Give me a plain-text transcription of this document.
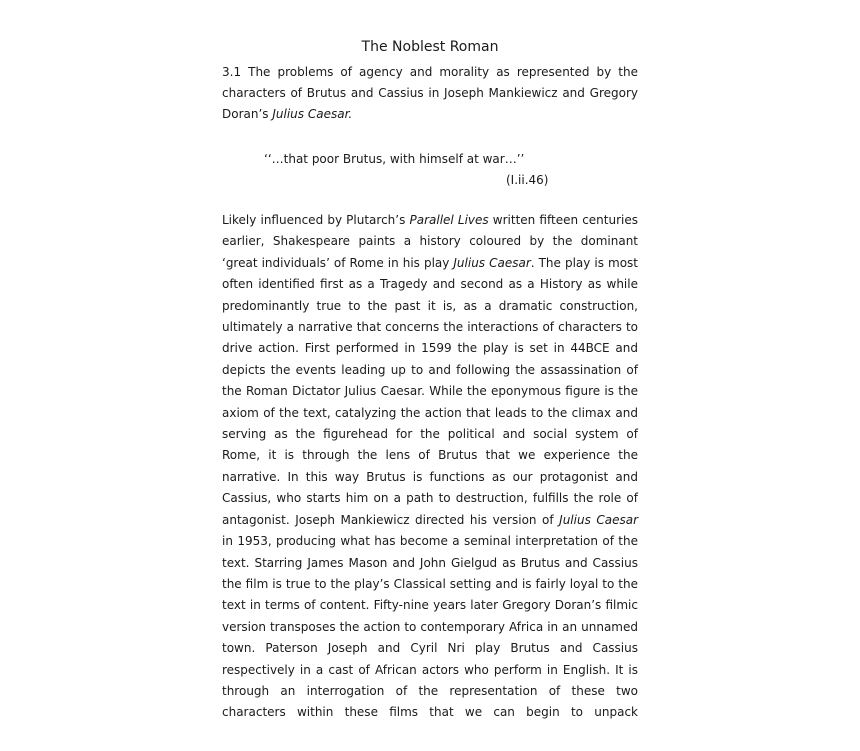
The Noblest Roman

3.1 The problems of agency and morality as represented by the
characters of Brutus and Cassius in Joseph Mankiewicz and Gregory
Doran’s Julius Caesar.

‘‘…that poor Brutus, with himself at war…’’

(I.ii.46)

Likely influenced by Plutarch’s Parallel Lives written fifteen centuries
earlier, Shakespeare paints a history coloured by the dominant
‘great individuals’ of Rome in his play Julius Caesar. The play is most
often identified first as a Tragedy and second as a History as while
predominantly true to the past it is, as a dramatic construction,
ultimately a narrative that concerns the interactions of characters to
drive action. First performed in 1599 the play is set in 44BCE and
depicts the events leading up to and following the assassination of
the Roman Dictator Julius Caesar. While the eponymous figure is the
axiom of the text, catalyzing the action that leads to the climax and
serving as the figurehead for the political and social system of
Rome, it is through the lens of Brutus that we experience the
narrative. In this way Brutus is functions as our protagonist and
Cassius, who starts him on a path to destruction, fulfills the role of
antagonist. Joseph Mankiewicz directed his version of Julius Caesar
in 1953, producing what has become a seminal interpretation of the
text. Starring James Mason and John Gielgud as Brutus and Cassius
the film is true to the play’s Classical setting and is fairly loyal to the
text in terms of content. Fifty-nine years later Gregory Doran’s filmic
version transposes the action to contemporary Africa in an unnamed
town. Paterson Joseph and Cyril Nri play Brutus and Cassius
respectively in a cast of African actors who perform in English. It is
through an interrogation of the representation of these two
characters within these films that we can begin to unpack
